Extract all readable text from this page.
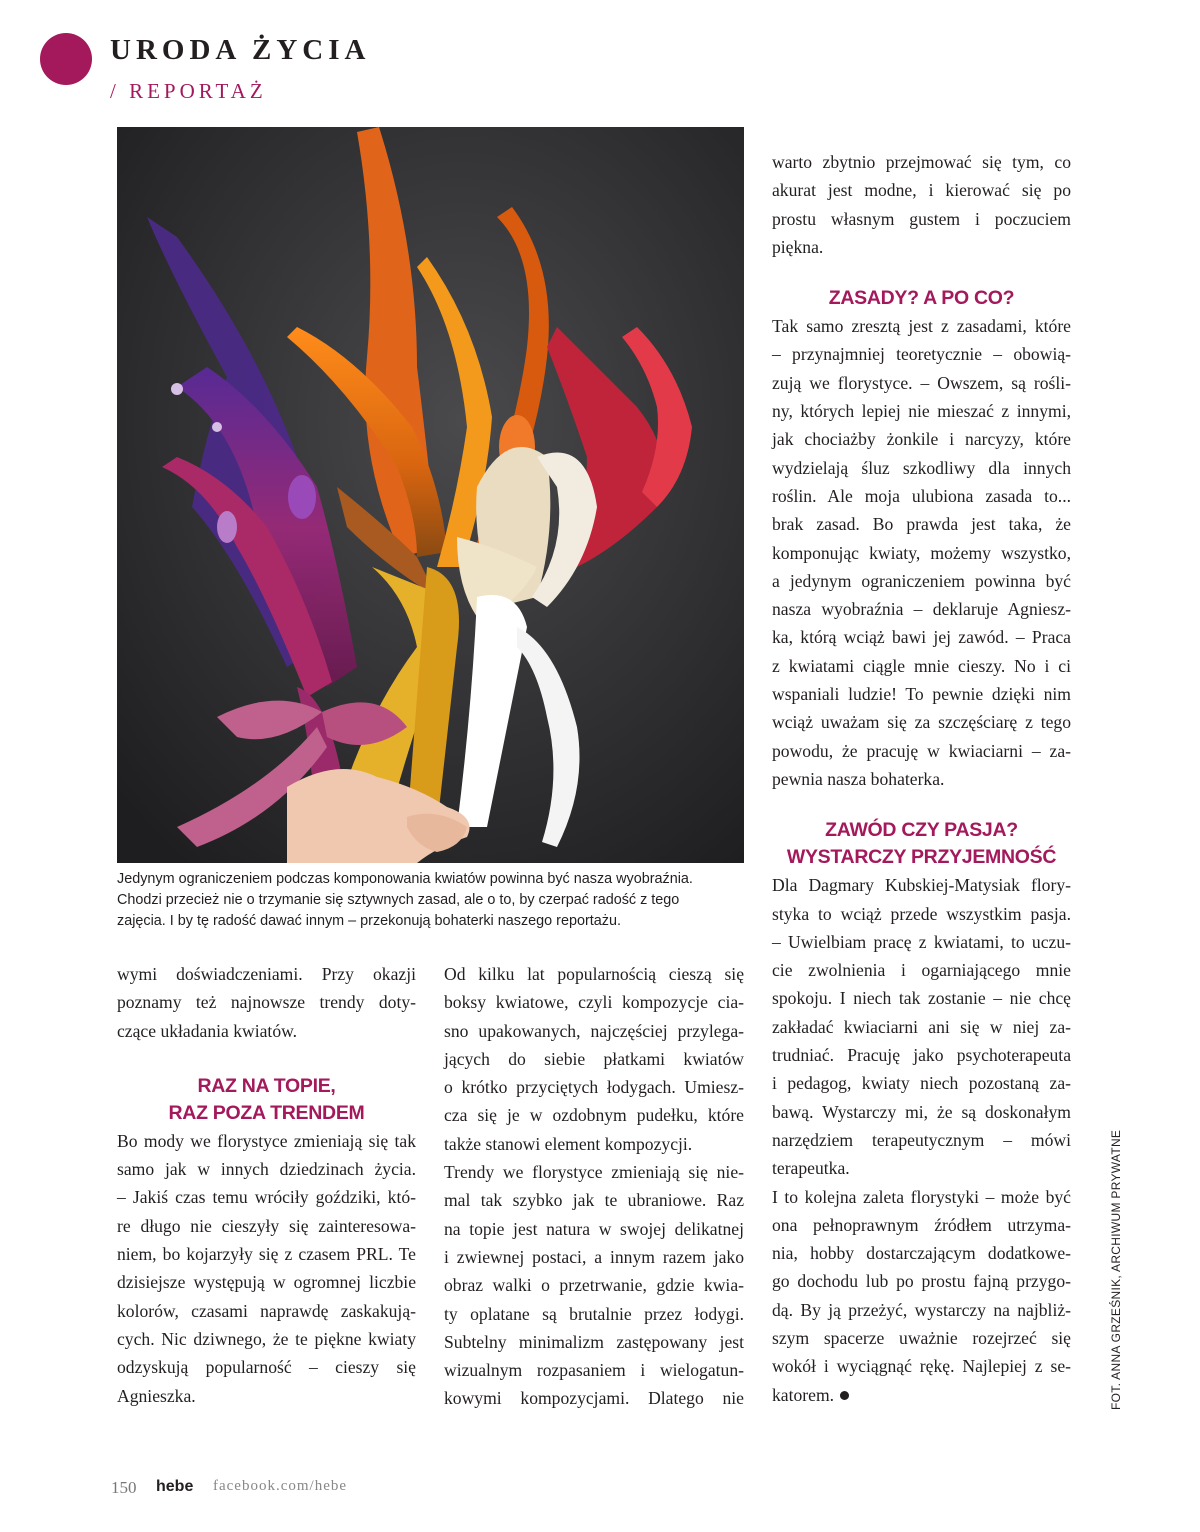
URODA ŻYCIA
/ REPORTAŻ
Jedynym ograniczeniem podczas komponowania kwiatów powinna być nasza wyobraźnia.
Chodzi przecież nie o trzymanie się sztywnych zasad, ale o to, by czerpać radość z tego
zajęcia. I by tę radość dawać innym – przekonują bohaterki naszego reportażu.
wymi doświadczeniami. Przy okazji
poznamy też najnowsze trendy doty-
czące układania kwiatów.
RAZ NA TOPIE,
RAZ POZA TRENDEM
Bo mody we florystyce zmieniają się tak
samo jak w innych dziedzinach życia.
– Jakiś czas temu wróciły goździki, któ-
re długo nie cieszyły się zainteresowa-
niem, bo kojarzyły się z czasem PRL. Te
dzisiejsze występują w ogromnej liczbie
kolorów, czasami naprawdę zaskakują-
cych. Nic dziwnego, że te piękne kwiaty
odzyskują popularność – cieszy się
Agnieszka.
Od kilku lat popularnością cieszą się
boksy kwiatowe, czyli kompozycje cia-
sno upakowanych, najczęściej przylega-
jących do siebie płatkami kwiatów
o krótko przyciętych łodygach. Umiesz-
cza się je w ozdobnym pudełku, które
także stanowi element kompozycji.
Trendy we florystyce zmieniają się nie-
mal tak szybko jak te ubraniowe. Raz
na topie jest natura w swojej delikatnej
i zwiewnej postaci, a innym razem jako
obraz walki o przetrwanie, gdzie kwia-
ty oplatane są brutalnie przez łodygi.
Subtelny minimalizm zastępowany jest
wizualnym rozpasaniem i wielogatun-
kowymi kompozycjami. Dlatego nie
warto zbytnio przejmować się tym, co
akurat jest modne, i kierować się po
prostu własnym gustem i poczuciem
piękna.
ZASADY? A PO CO?
Tak samo zresztą jest z zasadami, które
– przynajmniej teoretycznie – obowią-
zują we florystyce. – Owszem, są rośli-
ny, których lepiej nie mieszać z innymi,
jak chociażby żonkile i narcyzy, które
wydzielają śluz szkodliwy dla innych
roślin. Ale moja ulubiona zasada to...
brak zasad. Bo prawda jest taka, że
komponując kwiaty, możemy wszystko,
a jedynym ograniczeniem powinna być
nasza wyobraźnia – deklaruje Agniesz-
ka, którą wciąż bawi jej zawód. – Praca
z kwiatami ciągle mnie cieszy. No i ci
wspaniali ludzie! To pewnie dzięki nim
wciąż uważam się za szczęściarę z tego
powodu, że pracuję w kwiaciarni – za-
pewnia nasza bohaterka.
ZAWÓD CZY PASJA?
WYSTARCZY PRZYJEMNOŚĆ
Dla Dagmary Kubskiej-Matysiak flory-
styka to wciąż przede wszystkim pasja.
– Uwielbiam pracę z kwiatami, to uczu-
cie zwolnienia i ogarniającego mnie
spokoju. I niech tak zostanie – nie chcę
zakładać kwiaciarni ani się w niej za-
trudniać. Pracuję jako psychoterapeuta
i pedagog, kwiaty niech pozostaną za-
bawą. Wystarczy mi, że są doskonałym
narzędziem terapeutycznym – mówi
terapeutka.
I to kolejna zaleta florystyki – może być
ona pełnoprawnym źródłem utrzyma-
nia, hobby dostarczającym dodatkowe-
go dochodu lub po prostu fajną przygo-
dą. By ją przeżyć, wystarczy na najbliż-
szym spacerze uważnie rozejrzeć się
wokół i wyciągnąć rękę. Najlepiej z se-
katorem.	FOT. ANNA GRZEŚNIK, ARCHIWUM PRYWATNE
150 hebe facebook.com/hebe
